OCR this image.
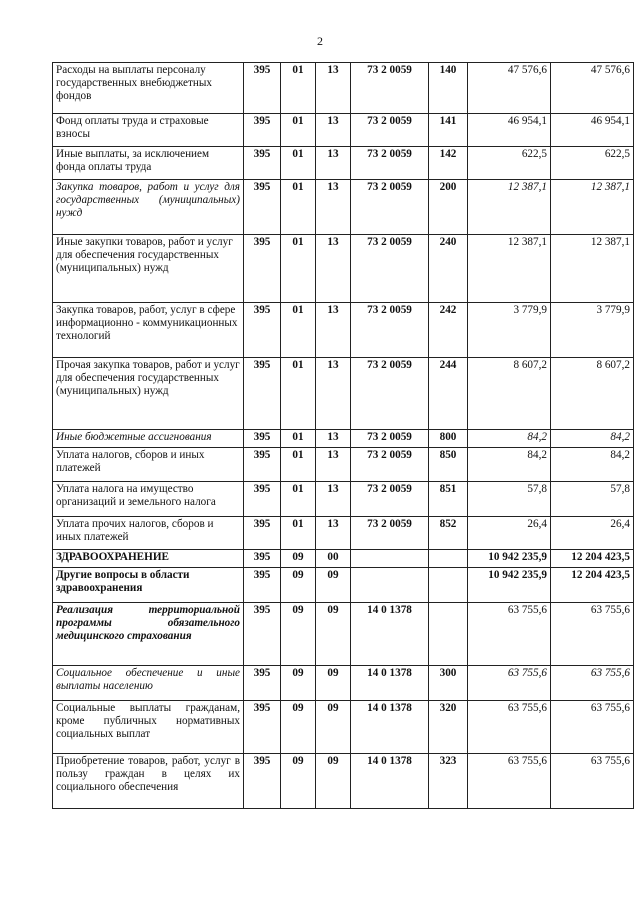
2
Расходы на выплаты персоналу государственных внебюджетных фондов	395	01	13	73 2 0059	140	47 576,6	47 576,6
Фонд оплаты труда и страховые взносы	395	01	13	73 2 0059	141	46 954,1	46 954,1
Иные выплаты, за исключением фонда оплаты труда	395	01	13	73 2 0059	142	622,5	622,5
Закупка товаров, работ и услуг для государственных (муниципальных) нужд	395	01	13	73 2 0059	200	12 387,1	12 387,1
Иные закупки товаров, работ и услуг для обеспечения государственных (муниципальных) нужд	395	01	13	73 2 0059	240	12 387,1	12 387,1
Закупка товаров, работ, услуг в сфере информационно - коммуникационных технологий	395	01	13	73 2 0059	242	3 779,9	3 779,9
Прочая закупка товаров, работ и услуг для обеспечения государственных (муниципальных) нужд	395	01	13	73 2 0059	244	8 607,2	8 607,2
Иные бюджетные ассигнования	395	01	13	73 2 0059	800	84,2	84,2
Уплата налогов, сборов и иных платежей	395	01	13	73 2 0059	850	84,2	84,2
Уплата налога на имущество организаций и земельного налога	395	01	13	73 2 0059	851	57,8	57,8
Уплата прочих налогов, сборов и иных платежей	395	01	13	73 2 0059	852	26,4	26,4
ЗДРАВООХРАНЕНИЕ	395	09	00			10 942 235,9	12 204 423,5
Другие вопросы в области здравоохранения	395	09	09			10 942 235,9	12 204 423,5
Реализация территориальной программы обязательного медицинского страхования	395	09	09	14 0 1378		63 755,6	63 755,6
Социальное обеспечение и иные выплаты населению	395	09	09	14 0 1378	300	63 755,6	63 755,6
Социальные выплаты гражданам, кроме публичных нормативных социальных выплат	395	09	09	14 0 1378	320	63 755,6	63 755,6
Приобретение товаров, работ, услуг в пользу граждан в целях их социального обеспечения	395	09	09	14 0 1378	323	63 755,6	63 755,6
